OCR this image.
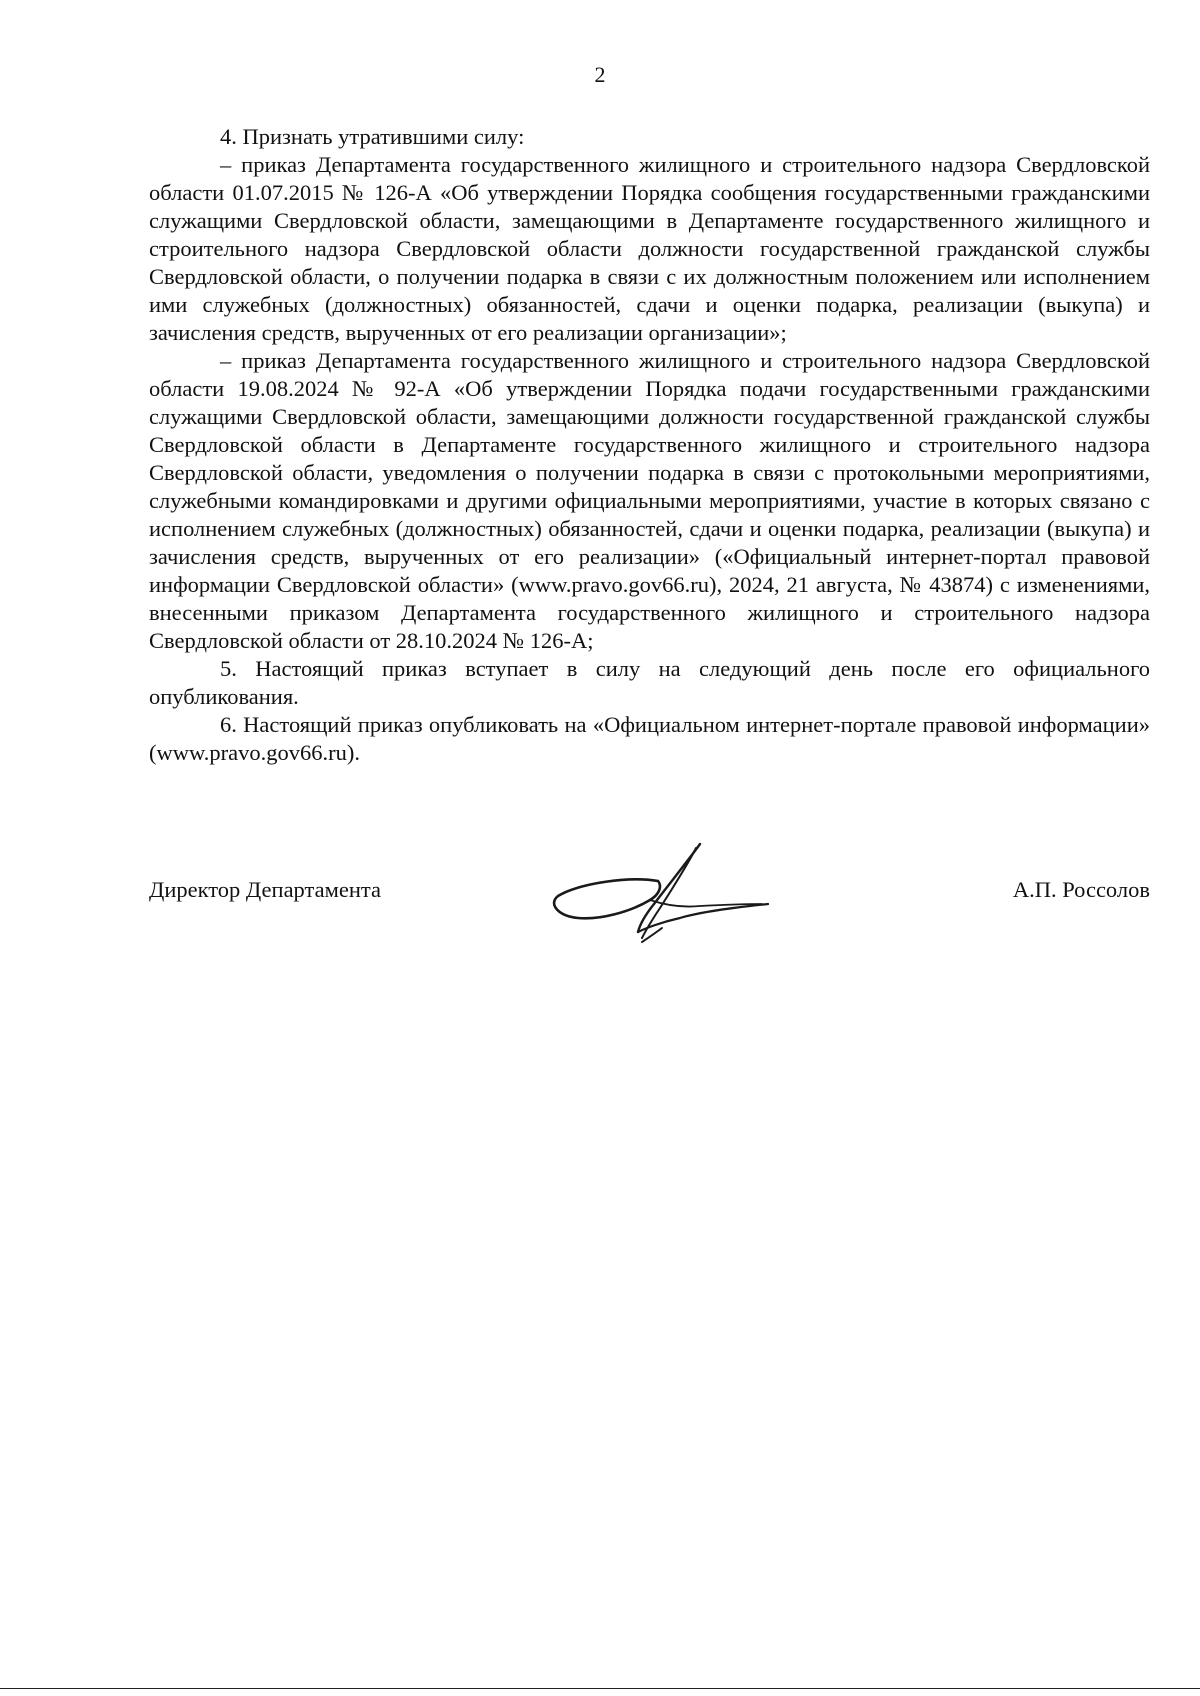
2

4. Признать утратившими силу:

– приказ Департамента государственного жилищного и строительного надзора Свердловской области 01.07.2015 № 126-А «Об утверждении Порядка сообщения государственными гражданскими служащими Свердловской области, замещающими в Департаменте государственного жилищного и строительного надзора Свердловской области должности государственной гражданской службы Свердловской области, о получении подарка в связи с их должностным положением или исполнением ими служебных (должностных) обязанностей, сдачи и оценки подарка, реализации (выкупа) и зачисления средств, вырученных от его реализации организации»;

– приказ Департамента государственного жилищного и строительного надзора Свердловской области 19.08.2024 № 92-А «Об утверждении Порядка подачи государственными гражданскими служащими Свердловской области, замещающими должности государственной гражданской службы Свердловской области в Департаменте государственного жилищного и строительного надзора Свердловской области, уведомления о получении подарка в связи с протокольными мероприятиями, служебными командировками и другими официальными мероприятиями, участие в которых связано с исполнением служебных (должностных) обязанностей, сдачи и оценки подарка, реализации (выкупа) и зачисления средств, вырученных от его реализации» («Официальный интернет-портал правовой информации Свердловской области» (www.pravo.gov66.ru), 2024, 21 августа, № 43874) с изменениями, внесенными приказом Департамента государственного жилищного и строительного надзора Свердловской области от 28.10.2024 № 126-А;

5. Настоящий приказ вступает в силу на следующий день после его официального опубликования.

6. Настоящий приказ опубликовать на «Официальном интернет-портале правовой информации» (www.pravo.gov66.ru).

Директор Департамента	А.П. Россолов
